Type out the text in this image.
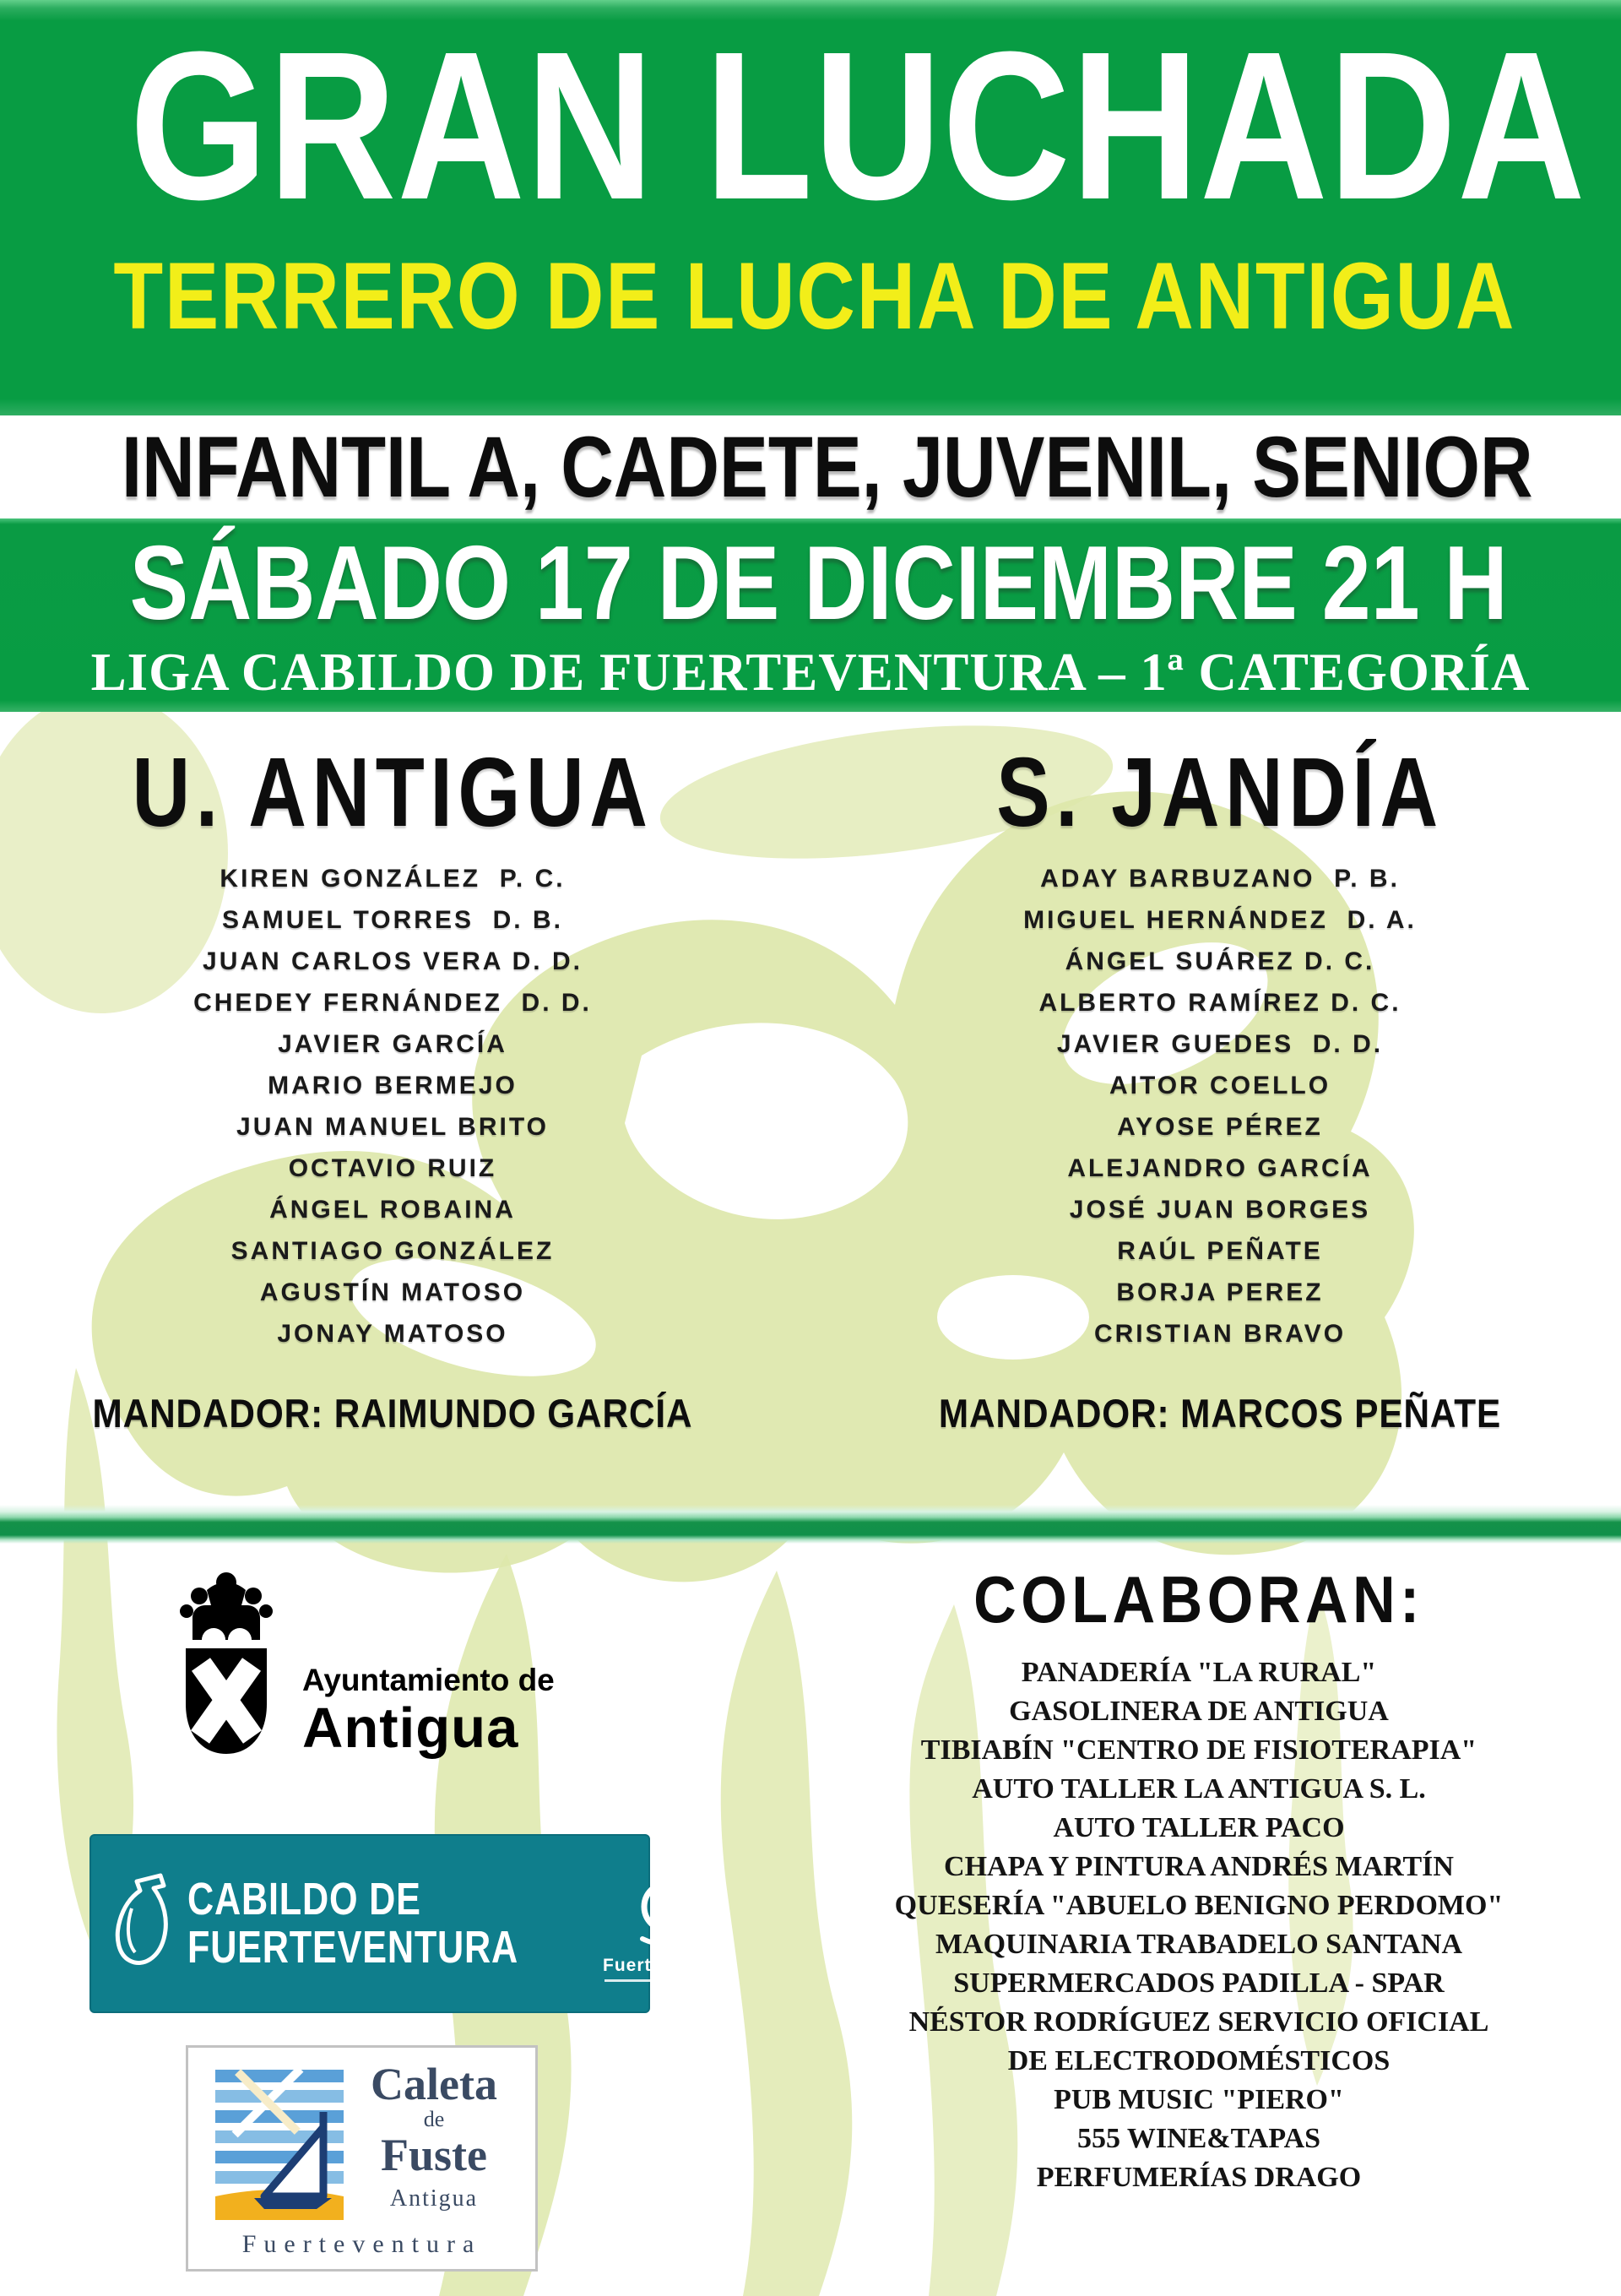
GRAN LUCHADA
TERRERO DE LUCHA DE ANTIGUA
INFANTIL A, CADETE, JUVENIL, SENIOR
SÁBADO 17 DE DICIEMBRE 21 H
LIGA CABILDO DE FUERTEVENTURA – 1ª CATEGORÍA
U. ANTIGUA
KIREN GONZÁLEZ  P. C.
SAMUEL TORRES  D. B.
JUAN CARLOS VERA D. D.
CHEDEY FERNÁNDEZ  D. D.
JAVIER GARCÍA
MARIO BERMEJO
JUAN MANUEL BRITO
OCTAVIO RUIZ
ÁNGEL ROBAINA
SANTIAGO GONZÁLEZ
AGUSTÍN MATOSO
JONAY MATOSO
MANDADOR: RAIMUNDO GARCÍA
S. JANDÍA
ADAY BARBUZANO  P. B.
MIGUEL HERNÁNDEZ  D. A.
ÁNGEL SUÁREZ D. C.
ALBERTO RAMÍREZ D. C.
JAVIER GUEDES  D. D.
AITOR COELLO
AYOSE PÉREZ
ALEJANDRO GARCÍA
JOSÉ JUAN BORGES
RAÚL PEÑATE
BORJA PEREZ
CRISTIAN BRAVO
MANDADOR: MARCOS PEÑATE
Ayuntamiento de
Antigua
COLABORAN:
PANADERÍA "LA RURAL"
GASOLINERA DE ANTIGUA
TIBIABÍN "CENTRO DE FISIOTERAPIA"
AUTO TALLER LA ANTIGUA S. L.
AUTO TALLER PACO
CHAPA Y PINTURA ANDRÉS MARTÍN
QUESERÍA "ABUELO BENIGNO PERDOMO"
MAQUINARIA TRABADELO SANTANA
SUPERMERCADOS PADILLA - SPAR
NÉSTOR RODRÍGUEZ SERVICIO OFICIAL
DE ELECTRODOMÉSTICOS
PUB MUSIC "PIERO"
555 WINE&TAPAS
PERFUMERÍAS DRAGO
CABILDO DE
FUERTEVENTURA	Fuerteventura
Caleta
de
Fuste
Antigua
Fuerteventura
